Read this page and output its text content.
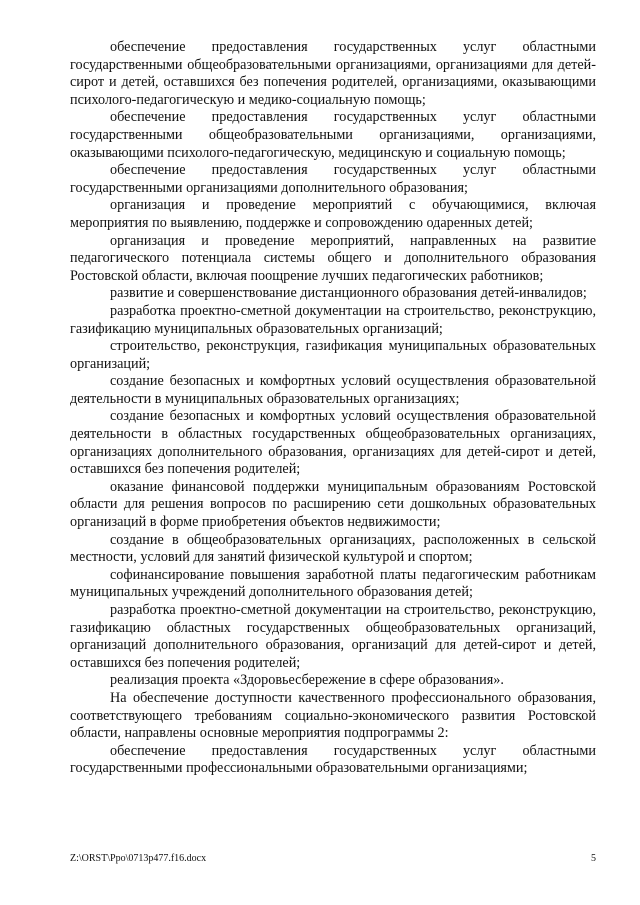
обеспечение предоставления государственных услуг областными государственными общеобразовательными организациями, организациями для детей-сирот и детей, оставшихся без попечения родителей, организациями, оказывающими психолого-педагогическую и медико-социальную помощь;

обеспечение предоставления государственных услуг областными государственными общеобразовательными организациями, организациями, оказывающими психолого-педагогическую, медицинскую и социальную помощь;

обеспечение предоставления государственных услуг областными государственными организациями дополнительного образования;

организация и проведение мероприятий с обучающимися, включая мероприятия по выявлению, поддержке и сопровождению одаренных детей;

организация и проведение мероприятий, направленных на развитие педагогического потенциала системы общего и дополнительного образования Ростовской области, включая поощрение лучших педагогических работников;

развитие и совершенствование дистанционного образования детей-инвалидов;

разработка проектно-сметной документации на строительство, реконструкцию, газификацию муниципальных образовательных организаций;

строительство, реконструкция, газификация муниципальных образовательных организаций;

создание безопасных и комфортных условий осуществления образовательной деятельности в муниципальных образовательных организациях;

создание безопасных и комфортных условий осуществления образовательной деятельности в областных государственных общеобразовательных организациях, организациях дополнительного образования, организациях для детей-сирот и детей, оставшихся без попечения родителей;

оказание финансовой поддержки муниципальным образованиям Ростовской области для решения вопросов по расширению сети дошкольных образовательных организаций в форме приобретения объектов недвижимости;

создание в общеобразовательных организациях, расположенных в сельской местности, условий для занятий физической культурой и спортом;

софинансирование повышения заработной платы педагогическим работникам муниципальных учреждений дополнительного образования детей;

разработка проектно-сметной документации на строительство, реконструкцию, газификацию областных государственных общеобразовательных организаций, организаций дополнительного образования, организаций для детей-сирот и детей, оставшихся без попечения родителей;

реализация проекта «Здоровьесбережение в сфере образования».

На обеспечение доступности качественного профессионального образования, соответствующего требованиям социально-экономического развития Ростовской области, направлены основные мероприятия подпрограммы 2:

обеспечение предоставления государственных услуг областными государственными профессиональными образовательными организациями;

Z:\ORST\Ppo\0713p477.f16.docx	5
